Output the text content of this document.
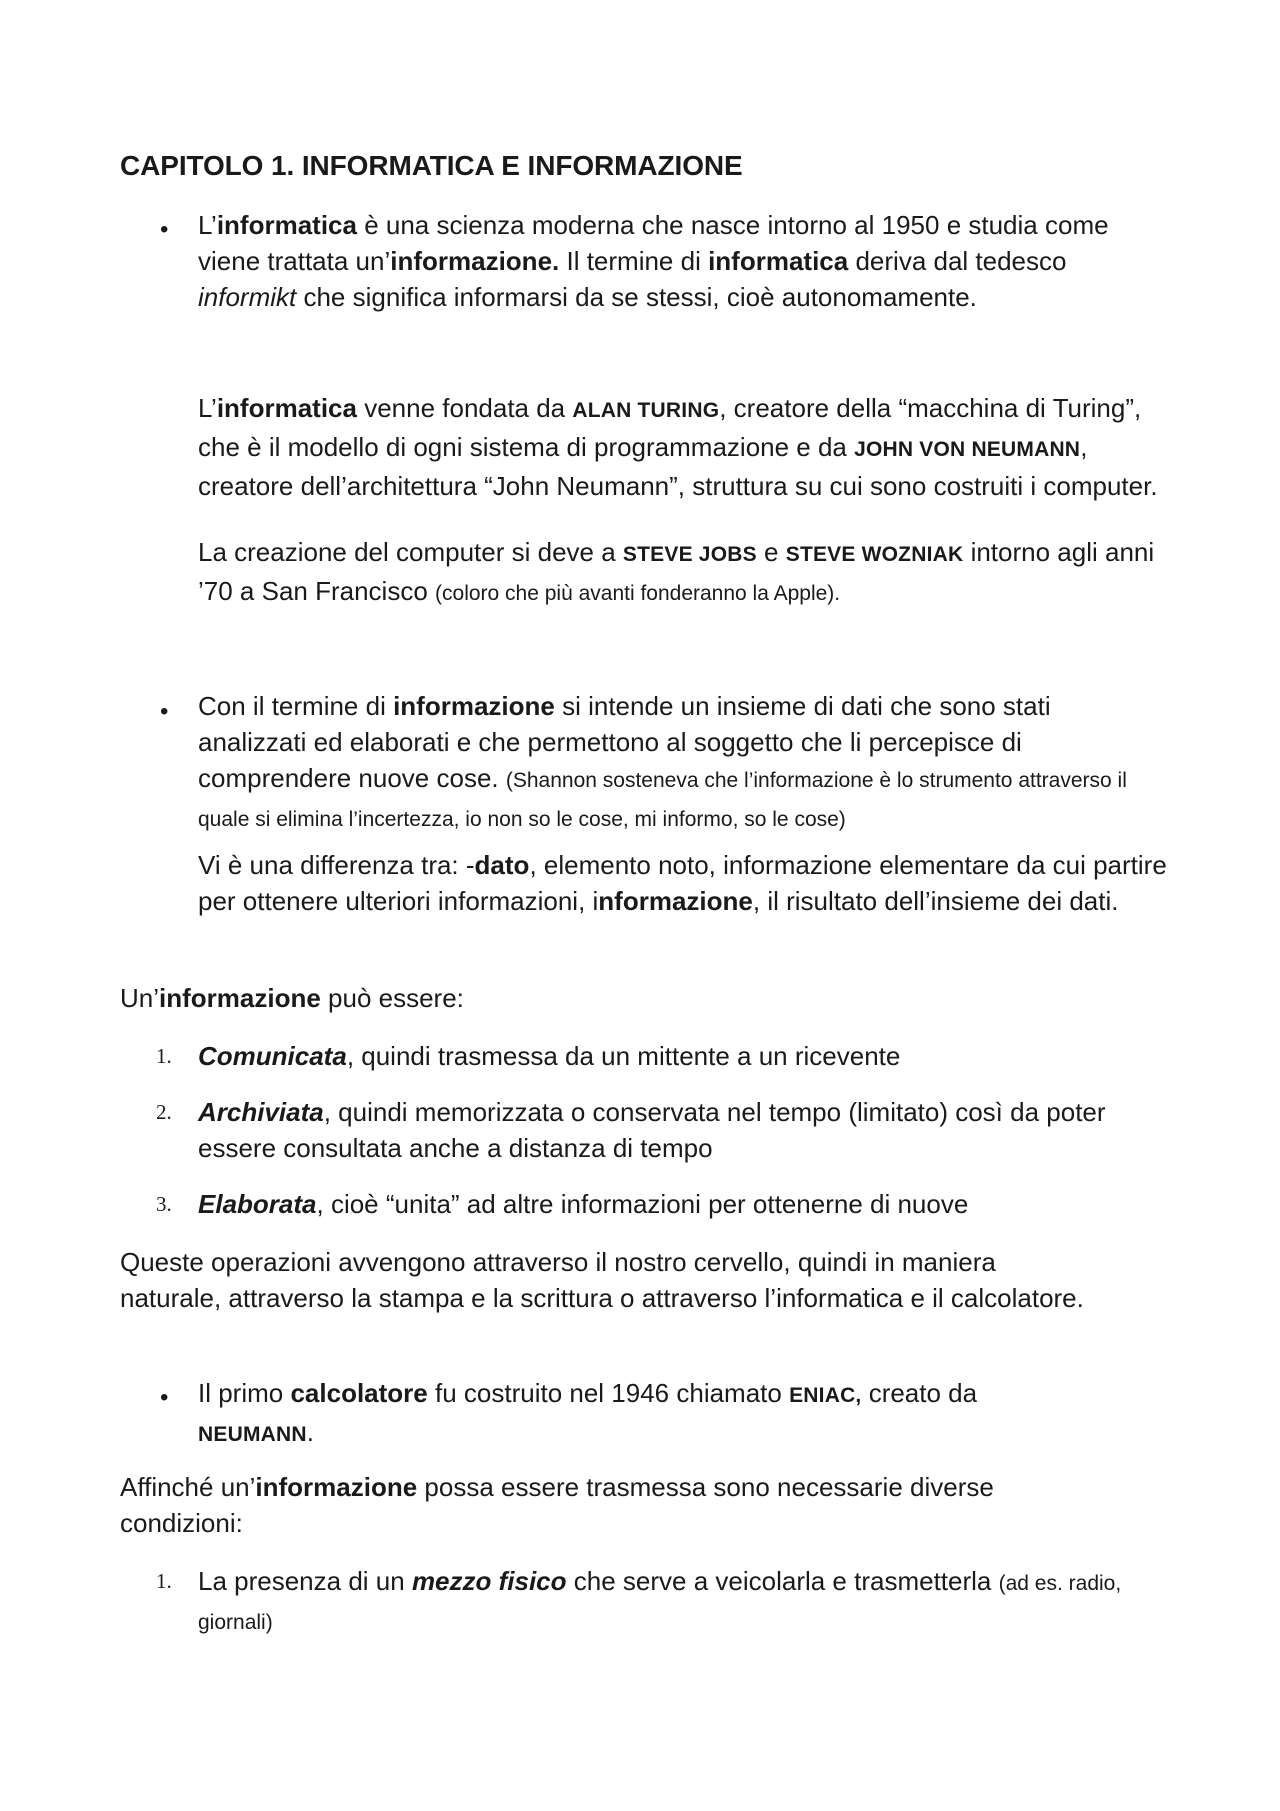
CAPITOLO 1. INFORMATICA E INFORMAZIONE
• L’informatica è una scienza moderna che nasce intorno al 1950 e studia come viene trattata un’informazione. Il termine di informatica deriva dal tedesco informikt che significa informarsi da se stessi, cioè autonomamente.

L’informatica venne fondata da ALAN TURING, creatore della “macchina di Turing”, che è il modello di ogni sistema di programmazione e da JOHN VON NEUMANN, creatore dell’architettura “John Neumann”, struttura su cui sono costruiti i computer.

La creazione del computer si deve a STEVE JOBS e STEVE WOZNIAK intorno agli anni ’70 a San Francisco (coloro che più avanti fonderanno la Apple).

• Con il termine di informazione si intende un insieme di dati che sono stati analizzati ed elaborati e che permettono al soggetto che li percepisce di comprendere nuove cose. (Shannon sosteneva che l’informazione è lo strumento attraverso il quale si elimina l’incertezza, io non so le cose, mi informo, so le cose)

Vi è una differenza tra: -dato, elemento noto, informazione elementare da cui partire per ottenere ulteriori informazioni, informazione, il risultato dell’insieme dei dati.

Un’informazione può essere:

1. Comunicata, quindi trasmessa da un mittente a un ricevente

2. Archiviata, quindi memorizzata o conservata nel tempo (limitato) così da poter essere consultata anche a distanza di tempo

3. Elaborata, cioè “unita” ad altre informazioni per ottenerne di nuove

Queste operazioni avvengono attraverso il nostro cervello, quindi in maniera naturale, attraverso la stampa e la scrittura o attraverso l’informatica e il calcolatore.

• Il primo calcolatore fu costruito nel 1946 chiamato ENIAC, creato da NEUMANN.

Affinché un’informazione possa essere trasmessa sono necessarie diverse condizioni:

1. La presenza di un mezzo fisico che serve a veicolarla e trasmetterla (ad es. radio, giornali)
